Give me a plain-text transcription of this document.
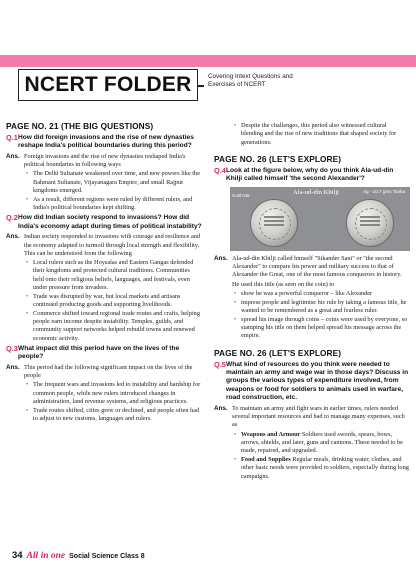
NCERT FOLDER	Covering Intext Questions and
Exercises of NCERT
PAGE NO. 21 (THE BIG QUESTIONS)
Q.1 How did foreign invasions and the rise of new dynasties reshape India's political boundaries during this period?
Ans. Foreign invasions and the rise of new dynasties reshaped India's political boundaries in following ways
• The Delhi Sultanate weakened over time, and new powers like the Bahmani Sultanate, Vijayanagara Empire, and small Rajput kingdoms emerged.
• As a result, different regions were ruled by different rulers, and India's political boundaries kept shifting.
Q.2 How did Indian society respond to invasions? How did India's economy adapt during times of political instability?
Ans. Indian society responded to invasions with courage and resilience and the economy adapted to turmoil through local strength and flexibility. This can be understood from the following
• Local rulers such as the Hoysalas and Eastern Gangas defended their kingdoms and protected cultural traditions. Communities held onto their religious beliefs, languages, and festivals, even under pressure from invaders.
• Trade was disrupted by war, but local markets and artisans continued producing goods and supporting livelihoods.
• Commerce shifted toward regional trade routes and crafts, helping people earn income despite instability. Temples, guilds, and community support networks helped rebuild towns and renewed economic activity.
Q.3 What impact did this period have on the lives of the people?
Ans. This period had the following significant impact on the lives of the people
• The frequent wars and invasions led to instability and hardship for common people, while new rulers introduced changes in administration, land revenue systems, and religious practices.
• Trade routes shifted, cities grew or declined, and people often had to adjust to new customs, languages and rulers.
• Despite the challenges, this period also witnessed cultural blending and the rise of new traditions that shaped society for generations.
PAGE NO. 26 (LET'S EXPLORE)
Q.4 Look at the figure below, why do you think Ala-ud-din Khilji called himself 'the second Alexander'?
Gold 046	Ala-ud-din Khilji	Ag - 10.7 gms Tanka
Ans. Ala-ud-din Khilji called himself "Sikander Sani" or "the second Alexander" to compare his power and military success to that of Alexander the Great, one of the most famous conquerors in history.
He used this title (as seen on the coin) to
• show he was a powerful conqueror – like Alexander
• impress people and legitimise his rule by taking a famous title, he wanted to be remembered as a great and fearless ruler.
• spread his image through coins – coins were used by everyone, so stamping his title on them helped spread his message across the empire.
PAGE NO. 26 (LET'S EXPLORE)
Q.5 What kind of resources do you think were needed to maintain an army and wage war in those days? Discuss in groups the various types of expenditure involved, from weapons or food for soldiers to animals used in warfare, road construction, etc.
Ans. To maintain an army and fight wars in earlier times, rulers needed several important resources and had to manage many expenses, such as
• Weapons and Armour Soldiers used swords, spears, bows, arrows, shields, and later, guns and cannons. These needed to be made, repaired, and upgraded.
• Food and Supplies Regular meals, drinking water, clothes, and other basic needs were provided to soldiers, especially during long campaigns.
34 All in one Social Science Class 8
